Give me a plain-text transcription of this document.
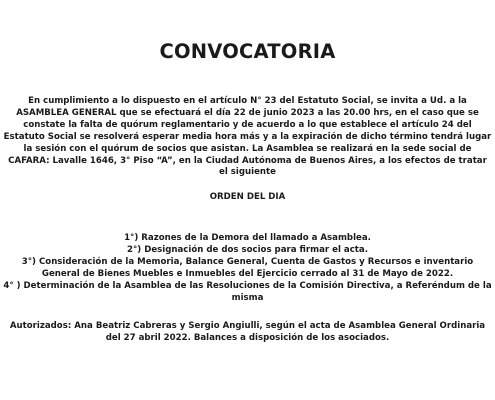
CONVOCATORIA

En cumplimiento a lo dispuesto en el artículo N° 23 del Estatuto Social, se invita a Ud. a la ASAMBLEA GENERAL que se efectuará el día 22 de junio 2023 a las 20.00 hrs, en el caso que se constate la falta de quórum reglamentario y de acuerdo a lo que establece el artículo 24 del Estatuto Social se resolverá esperar media hora más y a la expiración de dicho término tendrá lugar la sesión con el quórum de socios que asistan. La Asamblea se realizará en la sede social de CAFARA: Lavalle 1646, 3° Piso “A”, en la Ciudad Autónoma de Buenos Aires, a los efectos de tratar el siguiente

ORDEN DEL DIA

1°) Razones de la Demora del llamado a Asamblea.
2°) Designación de dos socios para firmar el acta.
3°) Consideración de la Memoria, Balance General, Cuenta de Gastos y Recursos e inventario General de Bienes Muebles e Inmuebles del Ejercicio cerrado al 31 de Mayo de 2022.
4° ) Determinación de la Asamblea de las Resoluciones de la Comisión Directiva, a Referéndum de la misma

Autorizados: Ana Beatriz Cabreras y Sergio Angiulli, según el acta de Asamblea General Ordinaria del 27 abril 2022. Balances a disposición de los asociados.
